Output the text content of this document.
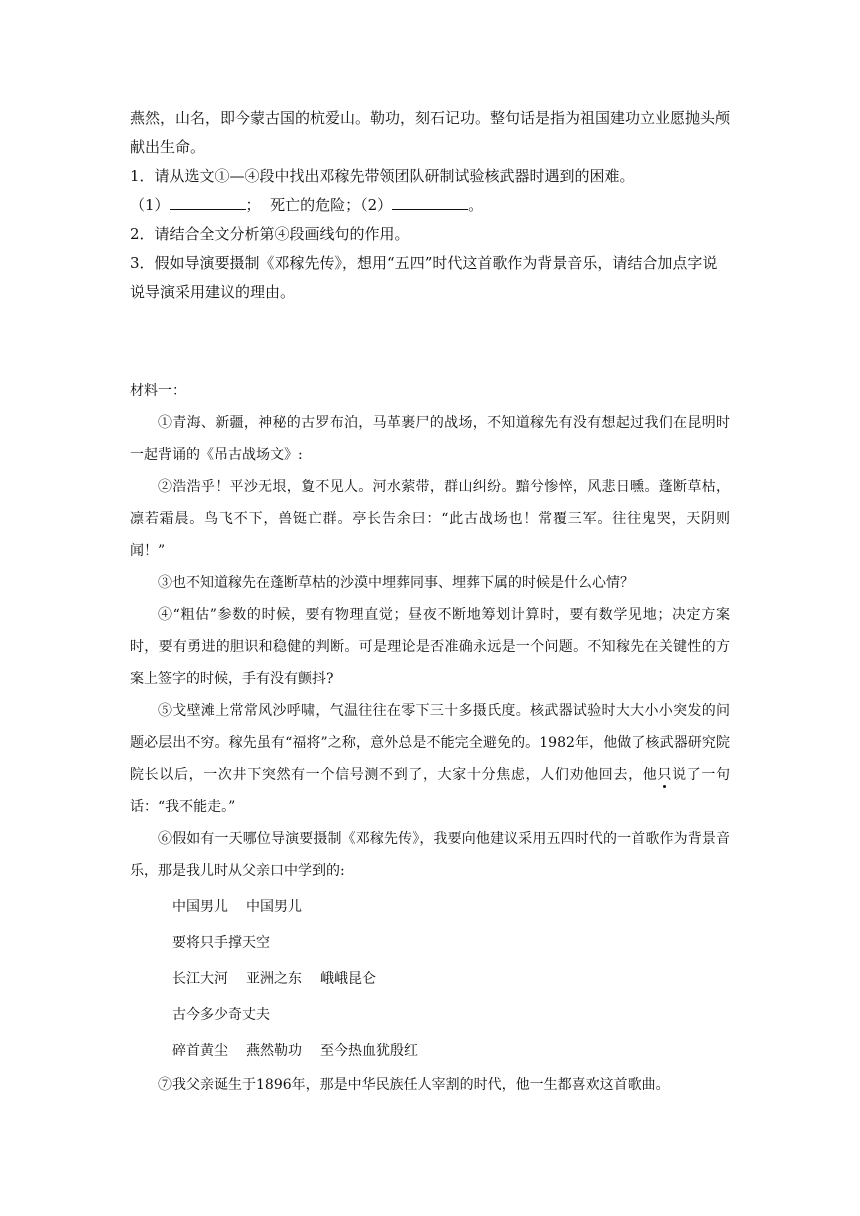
燕然，山名，即今蒙古国的杭爱山。勒功，刻石记功。整句话是指为祖国建功立业愿抛头颅献出生命。

1．请从选文①—④段中找出邓稼先带领团队研制试验核武器时遇到的困难。

（1）	； 死亡的危险；（2）	。

2．请结合全文分析第④段画线句的作用。

3．假如导演要摄制《邓稼先传》，想用“五四”时代这首歌作为背景音乐，请结合加点字说说导演采用建议的理由。

材料一：

①青海、新疆，神秘的古罗布泊，马革裹尸的战场，不知道稼先有没有想起过我们在昆明时一起背诵的《吊古战场文》:

②浩浩乎！平沙无垠，夐不见人。河水萦带，群山纠纷。黯兮惨悴，风悲日曛。蓬断草枯，凛若霜晨。鸟飞不下，兽铤亡群。亭长告余曰：“此古战场也！常覆三军。往往鬼哭，天阴则闻！”

③也不知道稼先在蓬断草枯的沙漠中埋葬同事、埋葬下属的时候是什么心情？

④“粗估”参数的时候，要有物理直觉；昼夜不断地筹划计算时，要有数学见地；决定方案时，要有勇进的胆识和稳健的判断。可是理论是否准确永远是一个问题。不知稼先在关键性的方案上签字的时候，手有没有颤抖?

⑤戈壁滩上常常风沙呼啸，气温往往在零下三十多摄氏度。核武器试验时大大小小突发的问题必层出不穷。稼先虽有“福将”之称，意外总是不能完全避免的。1982年，他做了核武器研究院院长以后，一次井下突然有一个信号测不到了，大家十分焦虑，人们劝他回去，他只说了一句话：“我不能走。”

⑥假如有一天哪位导演要摄制《邓稼先传》，我要向他建议采用五四时代的一首歌作为背景音乐，那是我儿时从父亲口中学到的:

中国男儿 中国男儿

要将只手撑天空

长江大河 亚洲之东 峨峨昆仑

古今多少奇丈夫

碎首黄尘 燕然勒功 至今热血犹殷红

⑦我父亲诞生于1896年，那是中华民族任人宰割的时代，他一生都喜欢这首歌曲。
